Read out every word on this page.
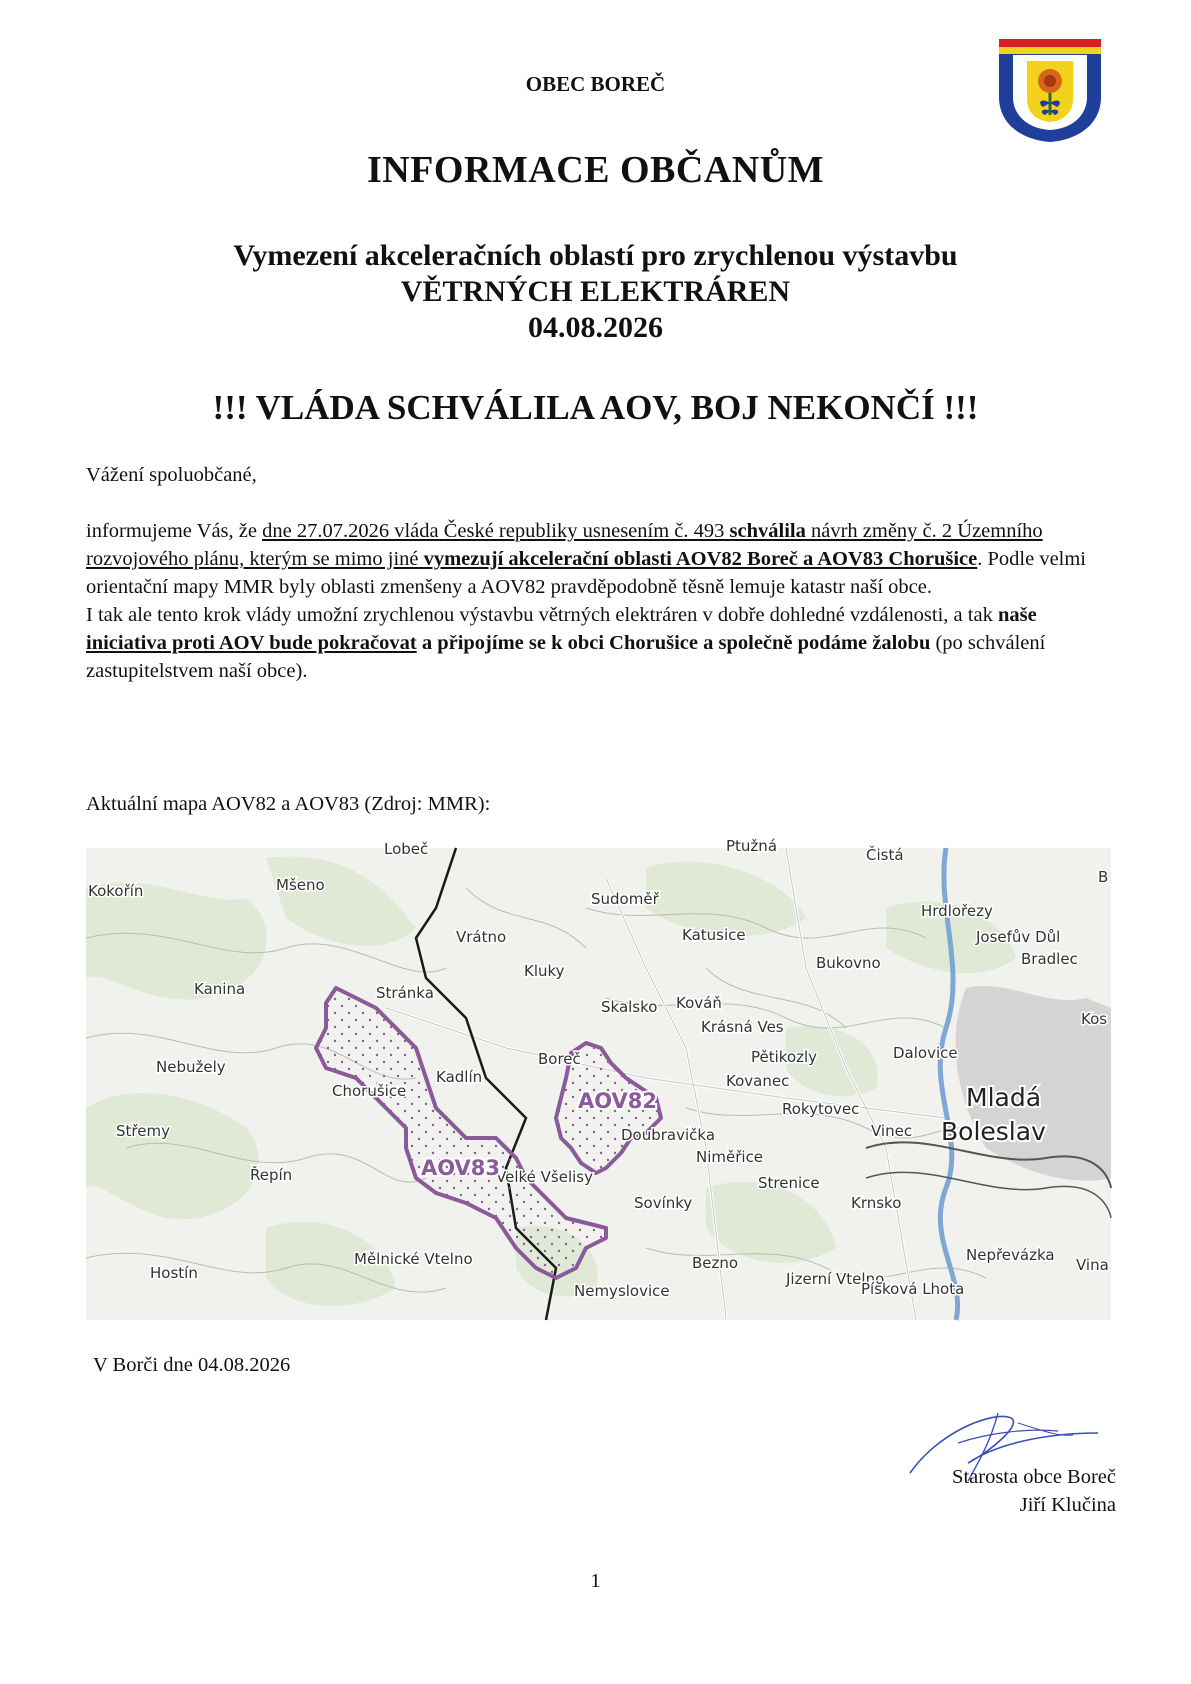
OBEC BOREČ
INFORMACE OBČANŮM
Vymezení akceleračních oblastí pro zrychlenou výstavbu
VĚTRNÝCH ELEKTRÁREN
04.08.2026
!!! VLÁDA SCHVÁLILA AOV, BOJ NEKONČÍ !!!

Vážení spoluobčané,

informujeme Vás, že dne 27.07.2026 vláda České republiky usnesením č. 493 schválila návrh změny č. 2 Územního rozvojového plánu, kterým se mimo jiné vymezují akcelerační oblasti AOV82 Boreč a AOV83 Chorušice. Podle velmi orientační mapy MMR byly oblasti zmenšeny a AOV82 pravděpodobně těsně lemuje katastr naší obce.

I tak ale tento krok vlády umožní zrychlenou výstavbu větrných elektráren v dobře dohledné vzdálenosti, a tak naše iniciativa proti AOV bude pokračovat a připojíme se k obci Chorušice a společně podáme žalobu (po schválení zastupitelstvem naší obce).

Aktuální mapa AOV82 a AOV83 (Zdroj: MMR):
Lobeč	Ptužná	Čistá
Kokořín	Mšeno
Sudoměř
Hrdlořezy
Josefův Důl
Bradlec
Vrátno	Katusice
Kluky	Bukovno
Kanina	Stránka
Skalsko Kováň
Krásná Ves	Kos
Nebužely	Boreč	Pětikozly	Dalovice
Kadlín	Kovanec
Chorušice
Rokytovec	Mladá
Boleslav
Střemy	Doubravička	Vinec
Niměřice
Řepín	Velké Všelisy	Strenice
Sovínky	Krnsko
Mělnické Vtelno
Hostín
Bezno	Nepřevázka
Vina
Nemyslovice
Jizerní Vtelno
Písková Lhota
B
AOV82
AOV83
V Borči dne 04.08.2026
Starosta obce Boreč
Jiří Klučina
1
